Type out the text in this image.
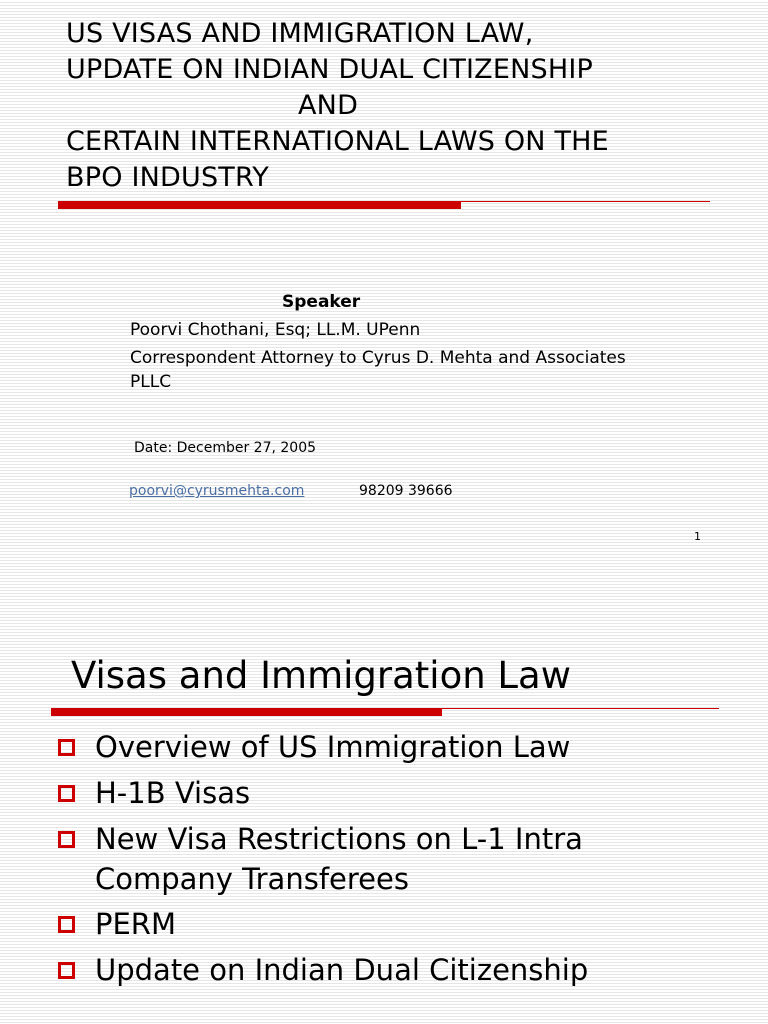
US VISAS AND IMMIGRATION LAW,
UPDATE ON INDIAN DUAL CITIZENSHIP
AND
CERTAIN INTERNATIONAL LAWS ON THE
BPO INDUSTRY
Speaker
Poorvi Chothani, Esq; LL.M. UPenn
Correspondent Attorney to Cyrus D. Mehta and Associates
PLLC
Date: December 27, 2005
poorvi@cyrusmehta.com	98209 39666
1
Visas and Immigration Law
Overview of US Immigration Law
H-1B Visas
New Visa Restrictions on L-1 Intra
Company Transferees
PERM
Update on Indian Dual Citizenship
